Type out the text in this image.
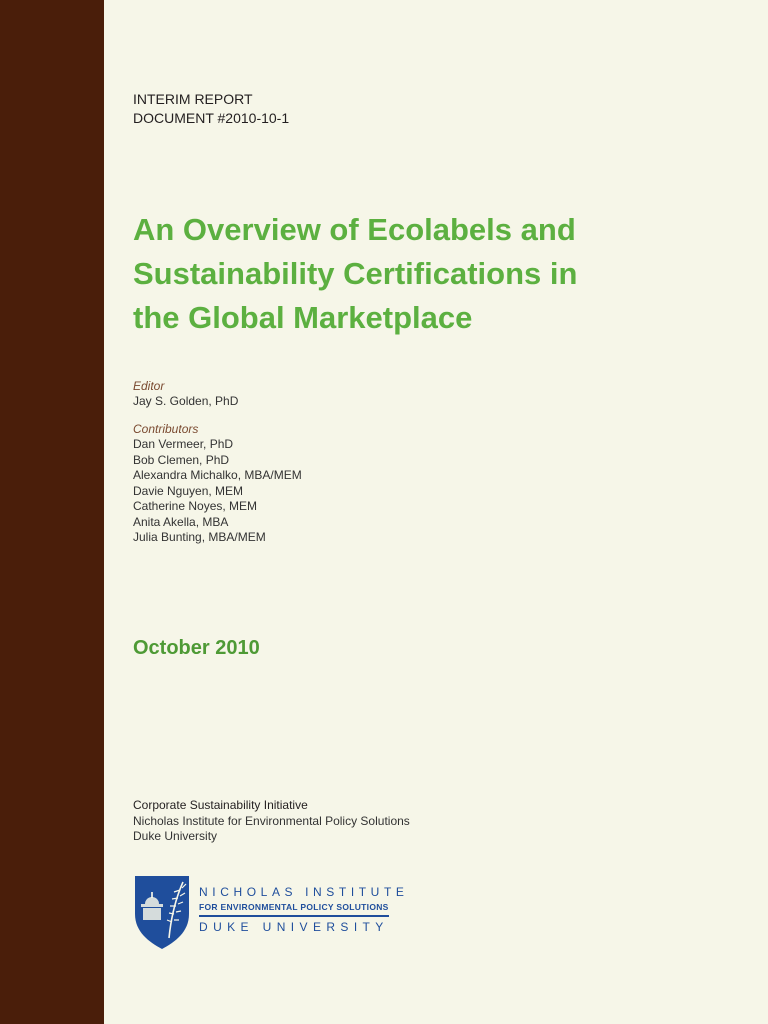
INTERIM REPORT
DOCUMENT #2010-10-1
An Overview of Ecolabels and
Sustainability Certifications in
the Global Marketplace
Editor
Jay S. Golden, PhD
Contributors
Dan Vermeer, PhD
Bob Clemen, PhD
Alexandra Michalko, MBA/MEM
Davie Nguyen, MEM
Catherine Noyes, MEM
Anita Akella, MBA
Julia Bunting, MBA/MEM
October 2010
Corporate Sustainability Initiative
Nicholas Institute for Environmental Policy Solutions
Duke University
NICHOLAS INSTITUTE
FOR ENVIRONMENTAL POLICY SOLUTIONS
DUKE UNIVERSITY
